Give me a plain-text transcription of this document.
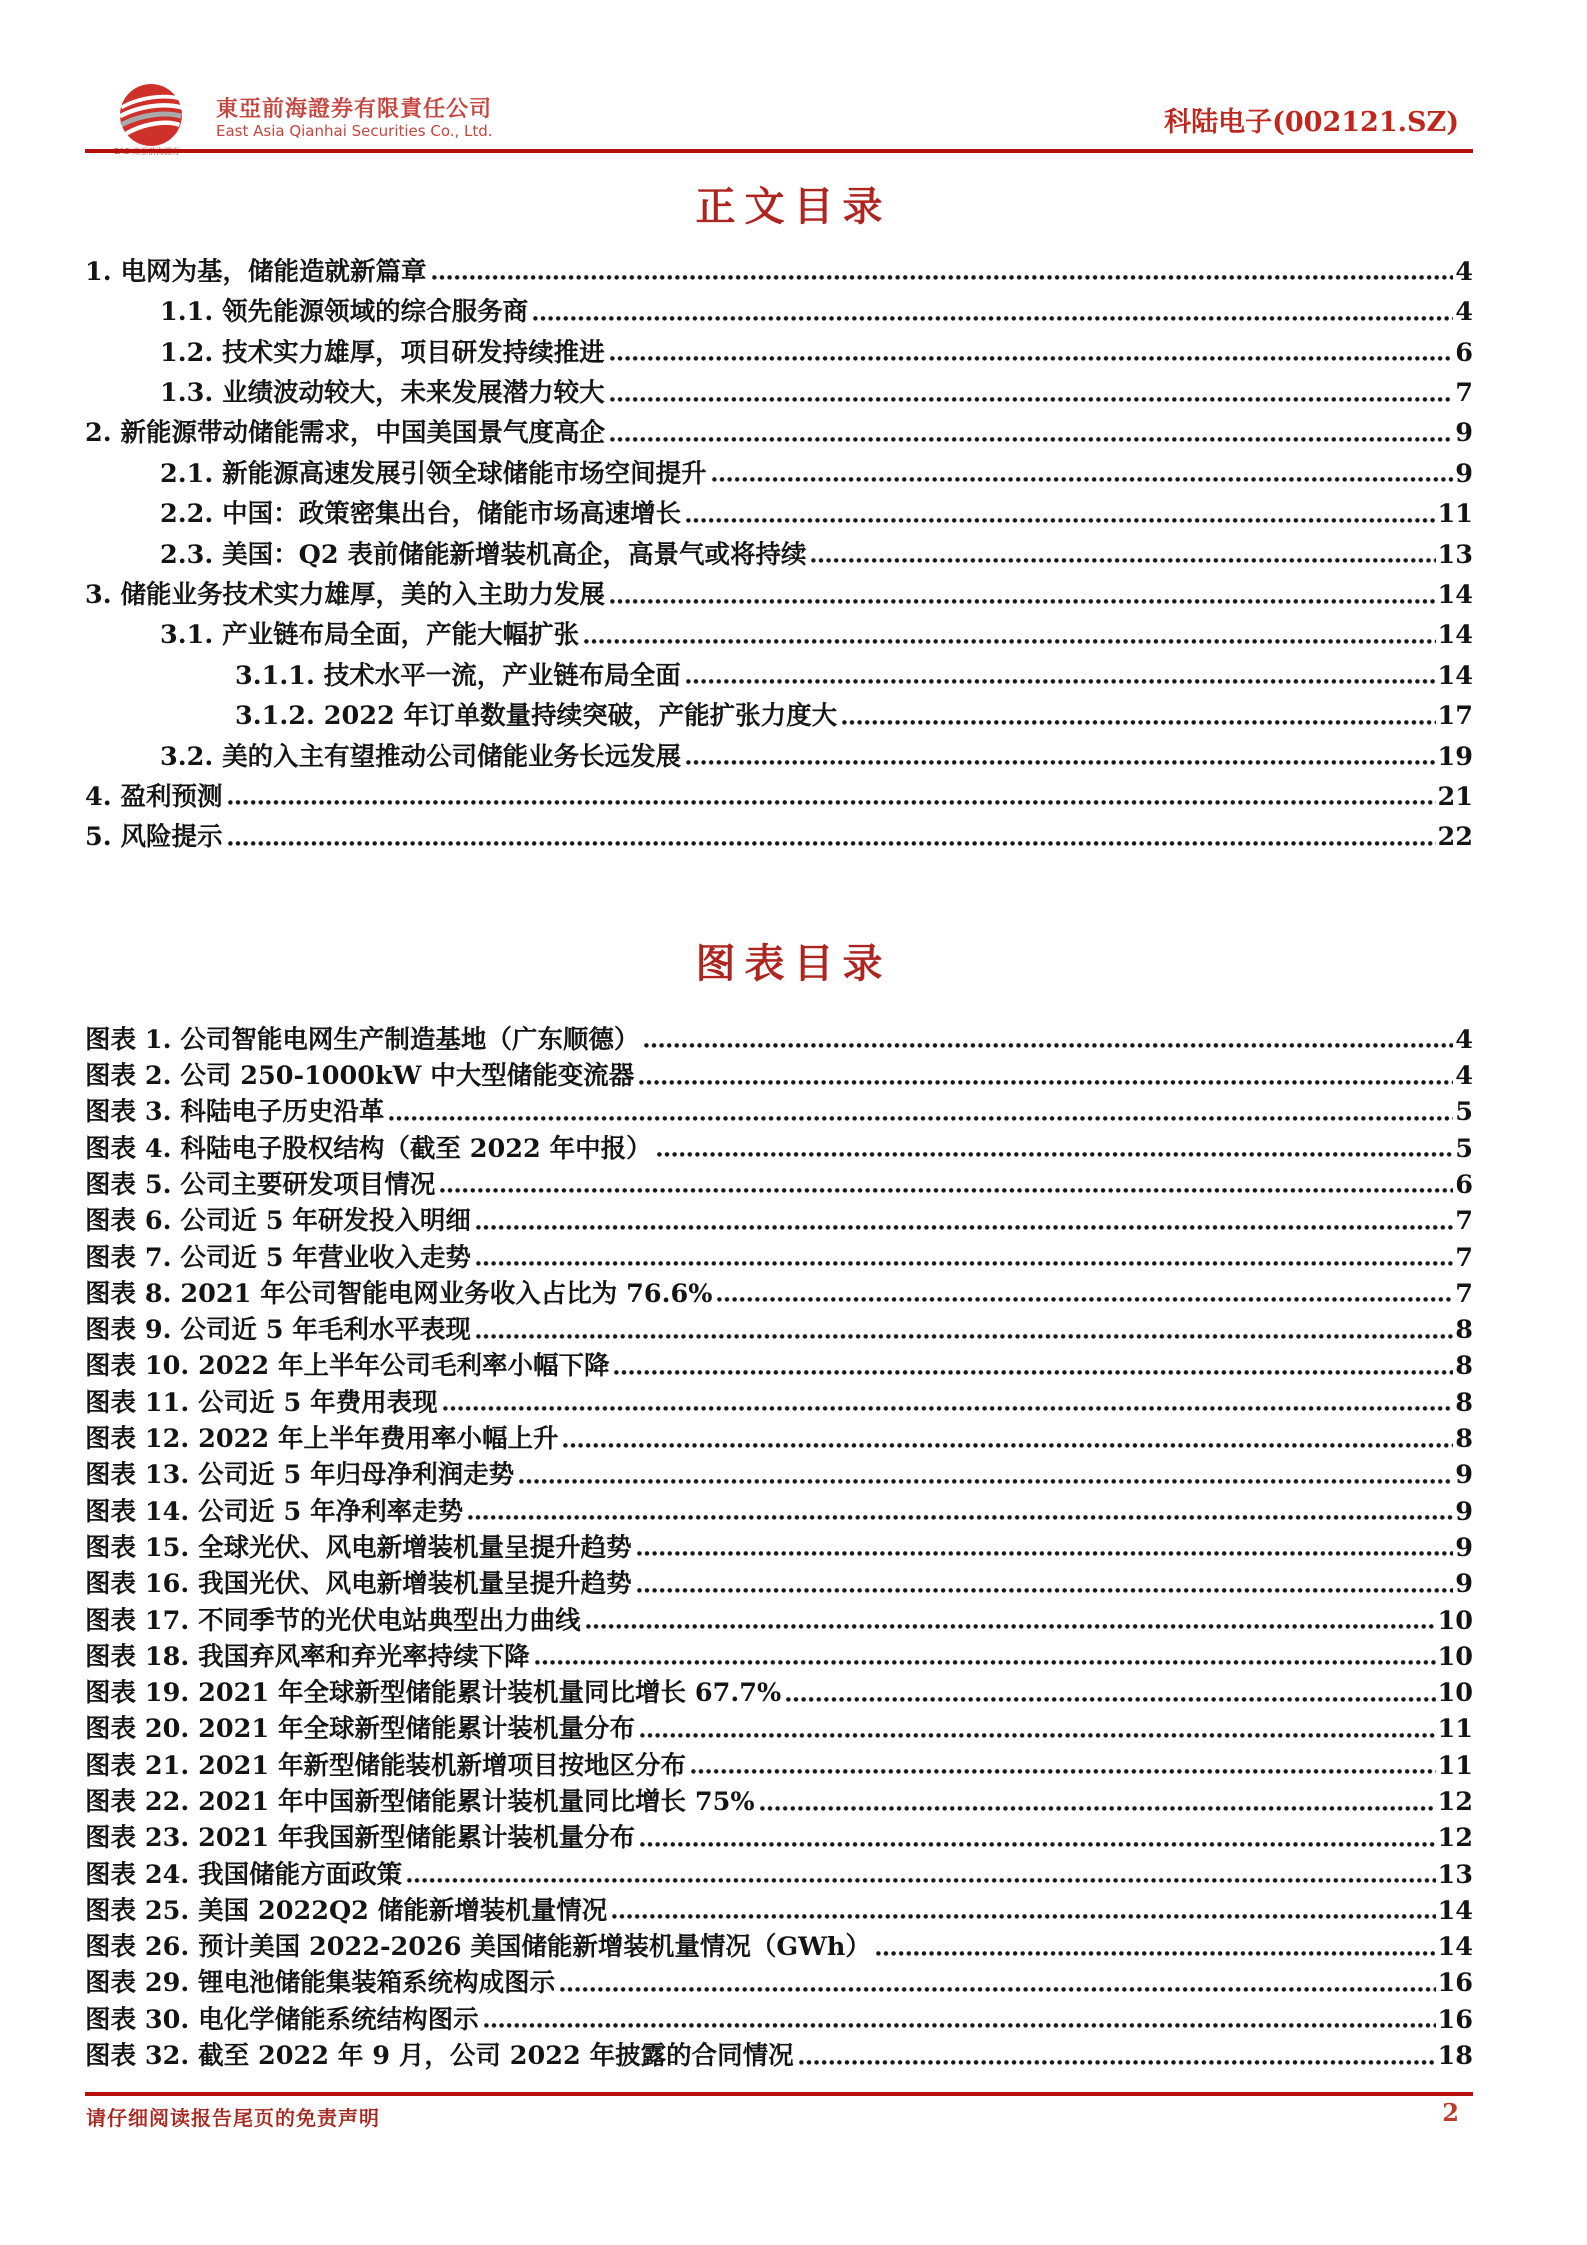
東亞前海證券有限責任公司
East Asia Qianhai Securities Co., Ltd.	科陆电子(002121.SZ)
正文目录
1. 电网为基，储能造就新篇章	4
1.1. 领先能源领域的综合服务商	4
1.2. 技术实力雄厚，项目研发持续推进	6
1.3. 业绩波动较大，未来发展潜力较大	7
2. 新能源带动储能需求，中国美国景气度高企	9
2.1. 新能源高速发展引领全球储能市场空间提升	9
2.2. 中国：政策密集出台，储能市场高速增长	11
2.3. 美国：Q2 表前储能新增装机高企，高景气或将持续	13
3. 储能业务技术实力雄厚，美的入主助力发展	14
3.1. 产业链布局全面，产能大幅扩张	14
3.1.1. 技术水平一流，产业链布局全面	14
3.1.2. 2022 年订单数量持续突破，产能扩张力度大	17
3.2. 美的入主有望推动公司储能业务长远发展	19
4. 盈利预测	21
5. 风险提示	22
图表目录
图表 1. 公司智能电网生产制造基地（广东顺德）	4
图表 2. 公司 250-1000kW 中大型储能变流器	4
图表 3. 科陆电子历史沿革	5
图表 4. 科陆电子股权结构（截至 2022 年中报）	5
图表 5. 公司主要研发项目情况	6
图表 6. 公司近 5 年研发投入明细	7
图表 7. 公司近 5 年营业收入走势	7
图表 8. 2021 年公司智能电网业务收入占比为 76.6%	7
图表 9. 公司近 5 年毛利水平表现	8
图表 10. 2022 年上半年公司毛利率小幅下降	8
图表 11. 公司近 5 年费用表现	8
图表 12. 2022 年上半年费用率小幅上升	8
图表 13. 公司近 5 年归母净利润走势	9
图表 14. 公司近 5 年净利率走势	9
图表 15. 全球光伏、风电新增装机量呈提升趋势	9
图表 16. 我国光伏、风电新增装机量呈提升趋势	9
图表 17. 不同季节的光伏电站典型出力曲线	10
图表 18. 我国弃风率和弃光率持续下降	10
图表 19. 2021 年全球新型储能累计装机量同比增长 67.7%	10
图表 20. 2021 年全球新型储能累计装机量分布	11
图表 21. 2021 年新型储能装机新增项目按地区分布	11
图表 22. 2021 年中国新型储能累计装机量同比增长 75%	12
图表 23. 2021 年我国新型储能累计装机量分布	12
图表 24. 我国储能方面政策	13
图表 25. 美国 2022Q2 储能新增装机量情况	14
图表 26. 预计美国 2022-2026 美国储能新增装机量情况（GWh）	14
图表 29. 锂电池储能集装箱系统构成图示	16
图表 30. 电化学储能系统结构图示	16
图表 32. 截至 2022 年 9 月，公司 2022 年披露的合同情况	18
请仔细阅读报告尾页的免责声明	2
